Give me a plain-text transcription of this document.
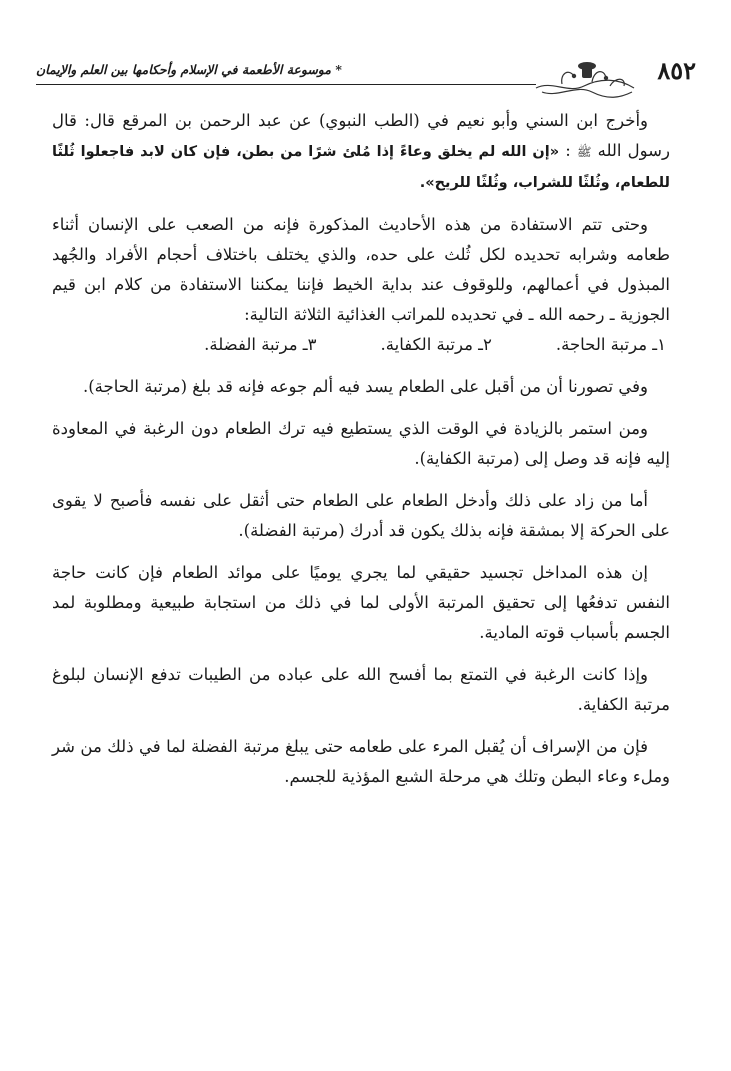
٨٥٢
* موسوعة الأطعمة في الإسلام وأحكامها بين العلم والإيمان

وأخرج ابن السني وأبو نعيم في (الطب النبوي) عن عبد الرحمن بن المرقع قال: قال رسول الله ﷺ : «إن الله لم يخلق وعاءً إذا مُلئ شرًا من بطن، فإن كان لابد فاجعلوا ثُلثًا للطعام، وثُلثًا للشراب، وثُلثًا للريح».

وحتى تتم الاستفادة من هذه الأحاديث المذكورة فإنه من الصعب على الإنسان أثناء طعامه وشرابه تحديده لكل ثُلث على حده، والذي يختلف باختلاف أحجام الأفراد والجُهد المبذول في أعمالهم، وللوقوف عند بداية الخيط فإننا يمكننا الاستفادة من كلام ابن قيم الجوزية ـ رحمه الله ـ في تحديده للمراتب الغذائية الثلاثة التالية:

١ـ مرتبة الحاجة.
٢ـ مرتبة الكفاية.
٣ـ مرتبة الفضلة.

وفي تصورنا أن من أقبل على الطعام يسد فيه ألم جوعه فإنه قد بلغ (مرتبة الحاجة).

ومن استمر بالزيادة في الوقت الذي يستطيع فيه ترك الطعام دون الرغبة في المعاودة إليه فإنه قد وصل إلى (مرتبة الكفاية).

أما من زاد على ذلك وأدخل الطعام على الطعام حتى أثقل على نفسه فأصبح لا يقوى على الحركة إلا بمشقة فإنه بذلك يكون قد أدرك (مرتبة الفضلة).

إن هذه المداخل تجسيد حقيقي لما يجري يوميًا على موائد الطعام فإن كانت حاجة النفس تدفعُها إلى تحقيق المرتبة الأولى لما في ذلك من استجابة طبيعية ومطلوبة لمد الجسم بأسباب قوته المادية.

وإذا كانت الرغبة في التمتع بما أفسح الله على عباده من الطيبات تدفع الإنسان لبلوغ مرتبة الكفاية.

فإن من الإسراف أن يُقبل المرء على طعامه حتى يبلغ مرتبة الفضلة لما في ذلك من شر وملء وعاء البطن وتلك هي مرحلة الشبع المؤذية للجسم.
